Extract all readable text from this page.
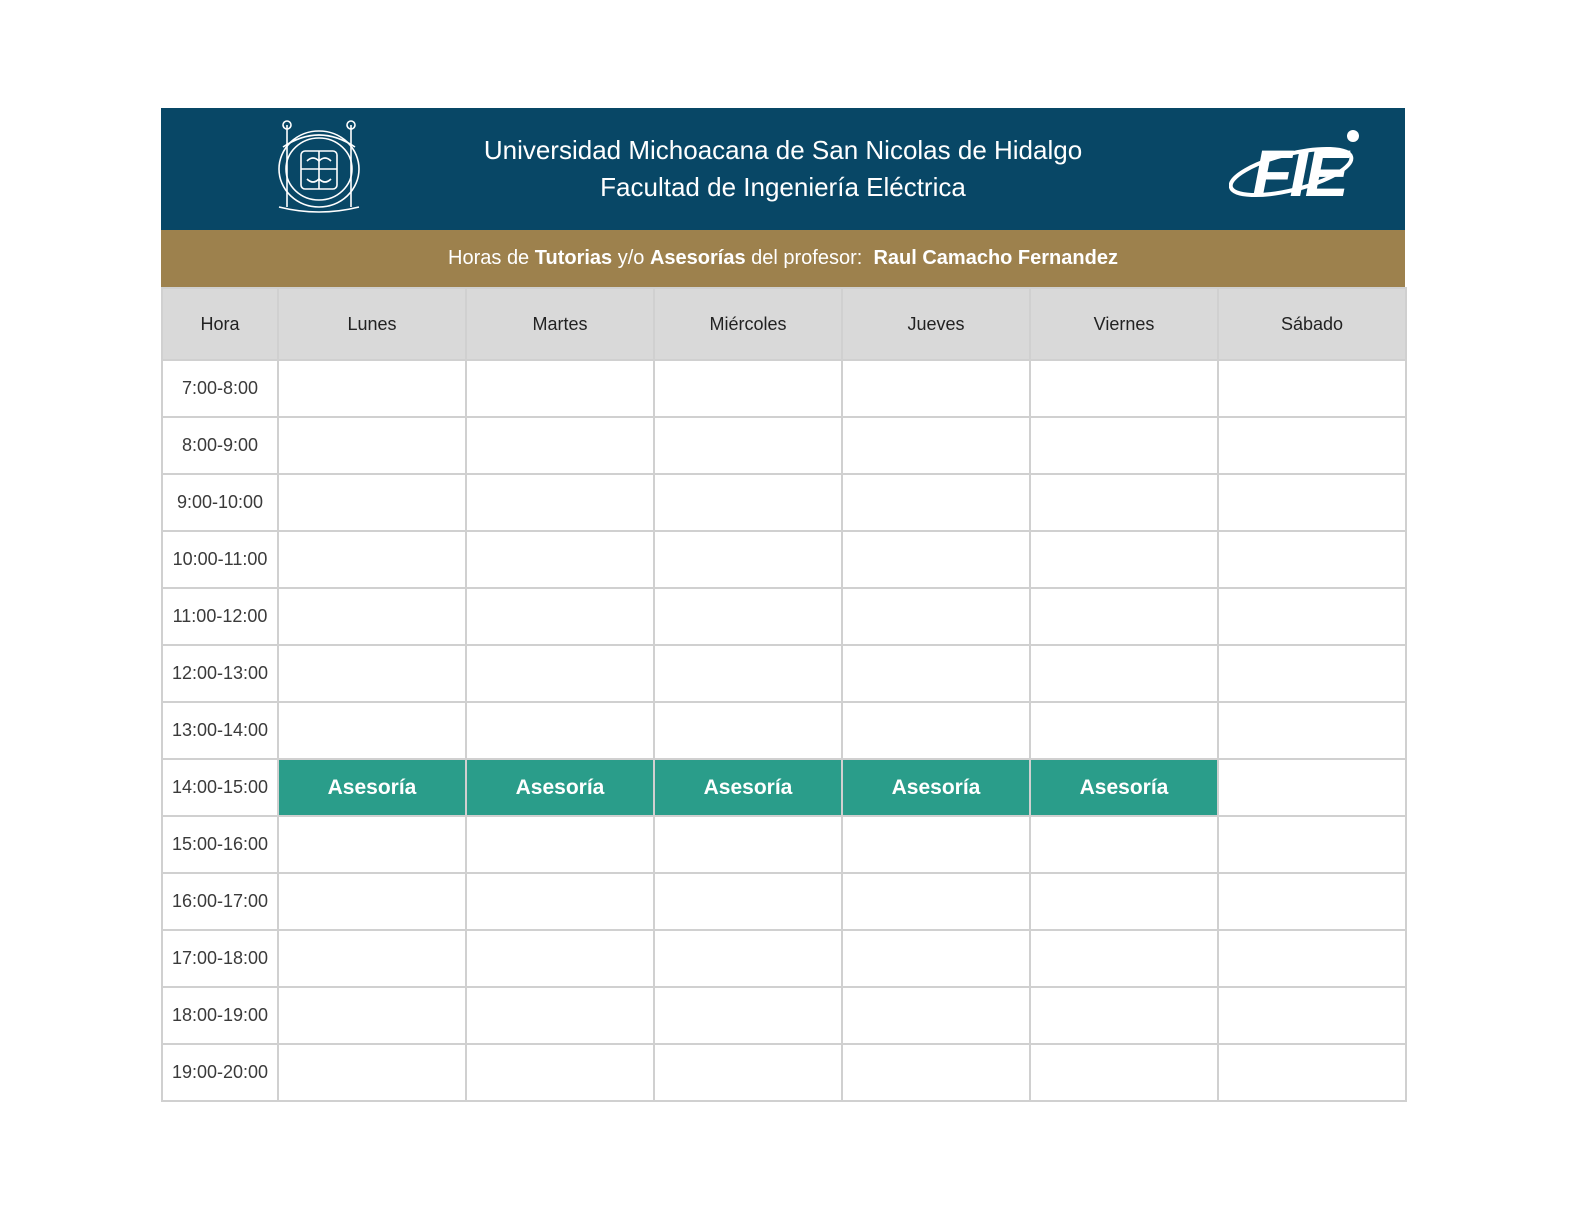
Universidad Michoacana de San Nicolas de Hidalgo
Facultad de Ingeniería Eléctrica	FIE
Horas de Tutorias y/o Asesorías del profesor: Raul Camacho Fernandez
Hora	Lunes	Martes	Miércoles	Jueves	Viernes	Sábado
7:00-8:00						
8:00-9:00						
9:00-10:00						
10:00-11:00						
11:00-12:00						
12:00-13:00						
13:00-14:00						
14:00-15:00	Asesoría	Asesoría	Asesoría	Asesoría	Asesoría	
15:00-16:00						
16:00-17:00						
17:00-18:00						
18:00-19:00						
19:00-20:00						
